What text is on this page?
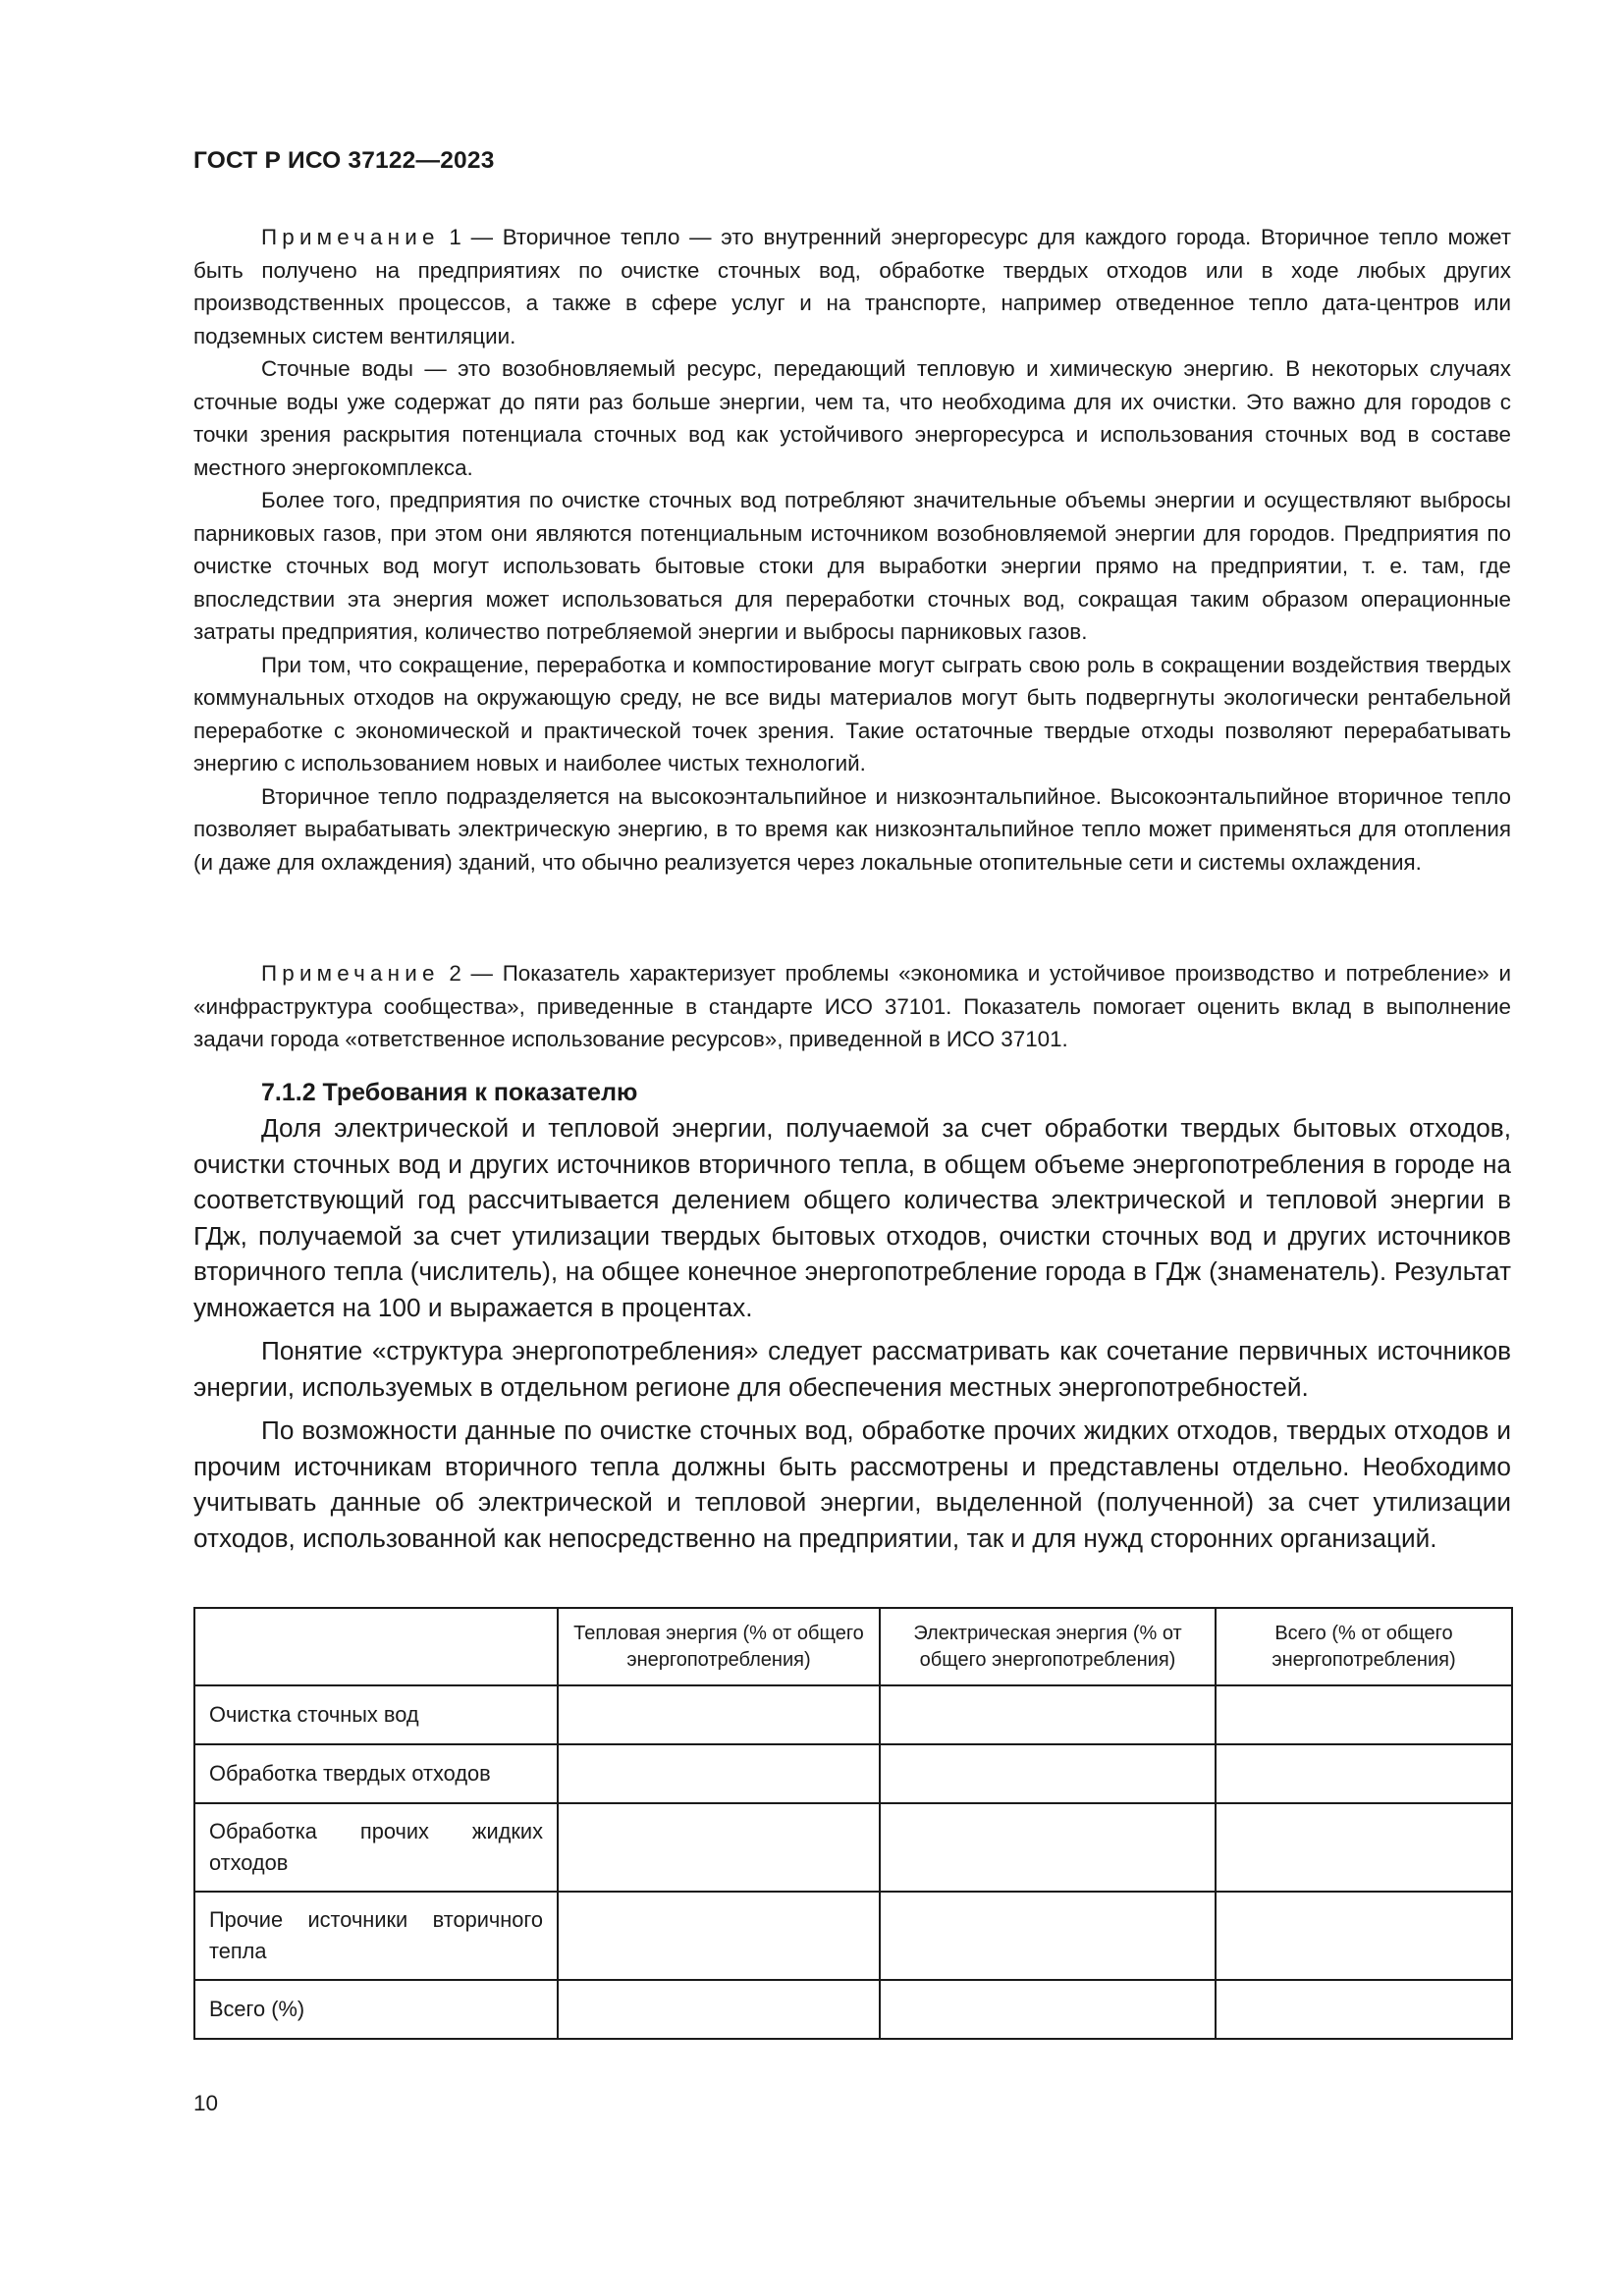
ГОСТ Р ИСО 37122—2023

Примечание 1 — Вторичное тепло — это внутренний энергоресурс для каждого города. Вторичное тепло может быть получено на предприятиях по очистке сточных вод, обработке твердых отходов или в ходе любых других производственных процессов, а также в сфере услуг и на транспорте, например отведенное тепло дата-центров или подземных систем вентиляции.

Сточные воды — это возобновляемый ресурс, передающий тепловую и химическую энергию. В некоторых случаях сточные воды уже содержат до пяти раз больше энергии, чем та, что необходима для их очистки. Это важно для городов с точки зрения раскрытия потенциала сточных вод как устойчивого энергоресурса и использования сточных вод в составе местного энергокомплекса.

Более того, предприятия по очистке сточных вод потребляют значительные объемы энергии и осуществляют выбросы парниковых газов, при этом они являются потенциальным источником возобновляемой энергии для городов. Предприятия по очистке сточных вод могут использовать бытовые стоки для выработки энергии прямо на предприятии, т. е. там, где впоследствии эта энергия может использоваться для переработки сточных вод, сокращая таким образом операционные затраты предприятия, количество потребляемой энергии и выбросы парниковых газов.

При том, что сокращение, переработка и компостирование могут сыграть свою роль в сокращении воздействия твердых коммунальных отходов на окружающую среду, не все виды материалов могут быть подвергнуты экологически рентабельной переработке с экономической и практической точек зрения. Такие остаточные твердые отходы позволяют перерабатывать энергию с использованием новых и наиболее чистых технологий.

Вторичное тепло подразделяется на высокоэнтальпийное и низкоэнтальпийное. Высокоэнтальпийное вторичное тепло позволяет вырабатывать электрическую энергию, в то время как низкоэнтальпийное тепло может применяться для отопления (и даже для охлаждения) зданий, что обычно реализуется через локальные отопительные сети и системы охлаждения.

Примечание 2 — Показатель характеризует проблемы «экономика и устойчивое производство и потребление» и «инфраструктура сообщества», приведенные в стандарте ИСО 37101. Показатель помогает оценить вклад в выполнение задачи города «ответственное использование ресурсов», приведенной в ИСО 37101.

7.1.2 Требования к показателю

Доля электрической и тепловой энергии, получаемой за счет обработки твердых бытовых отходов, очистки сточных вод и других источников вторичного тепла, в общем объеме энергопотребления в городе на соответствующий год рассчитывается делением общего количества электрической и тепловой энергии в ГДж, получаемой за счет утилизации твердых бытовых отходов, очистки сточных вод и других источников вторичного тепла (числитель), на общее конечное энергопотребление города в ГДж (знаменатель). Результат умножается на 100 и выражается в процентах.

Понятие «структура энергопотребления» следует рассматривать как сочетание первичных источников энергии, используемых в отдельном регионе для обеспечения местных энергопотребностей.

По возможности данные по очистке сточных вод, обработке прочих жидких отходов, твердых отходов и прочим источникам вторичного тепла должны быть рассмотрены и представлены отдельно. Необходимо учитывать данные об электрической и тепловой энергии, выделенной (полученной) за счет утилизации отходов, использованной как непосредственно на предприятии, так и для нужд сторонних организаций.

	Тепловая энергия (% от общего энергопотребления)	Электрическая энергия (% от общего энергопотребления)	Всего (% от общего энергопотребления)
Очистка сточных вод			
Обработка твердых отходов			
Обработка прочих жидких отходов			
Прочие источники вторичного тепла			
Всего (%)			
10
